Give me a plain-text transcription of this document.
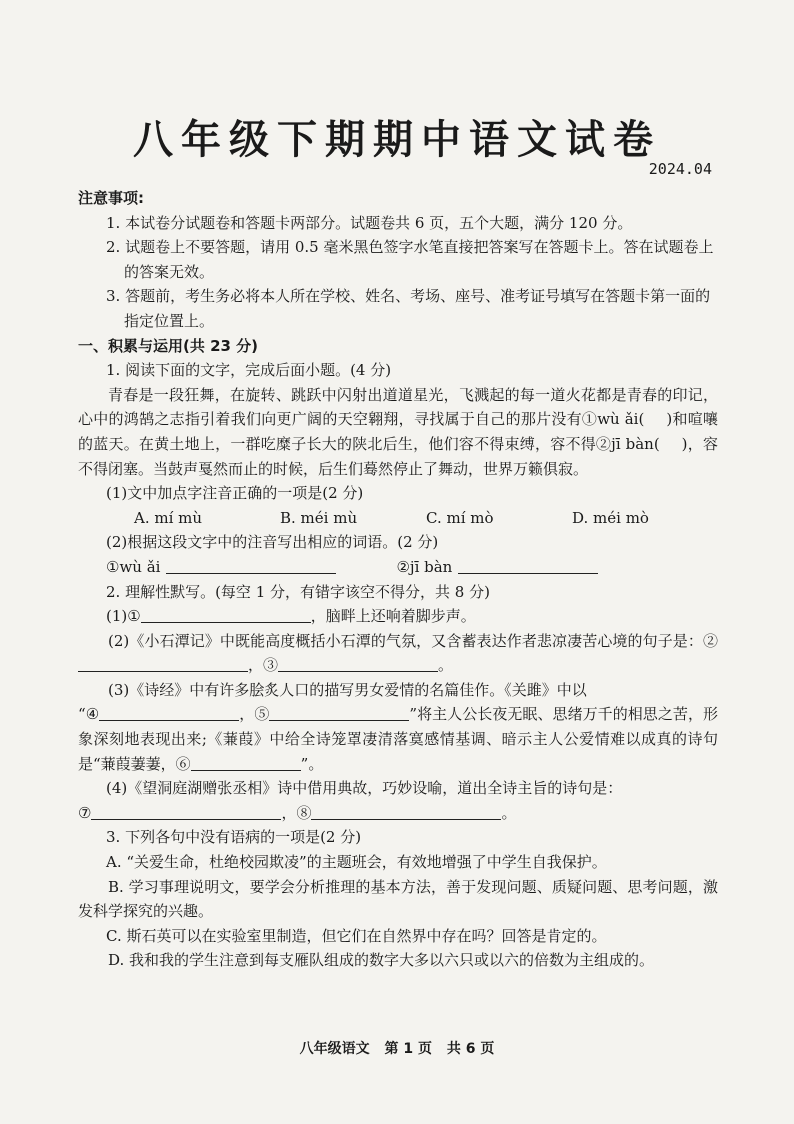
八年级下期期中语文试卷
2024.04

注意事项:

1. 本试卷分试题卷和答题卡两部分。试题卷共 6 页，五个大题，满分 120 分。

2. 试题卷上不要答题，请用 0.5 毫米黑色签字水笔直接把答案写在答题卡上。答在试题卷上的答案无效。

3. 答题前，考生务必将本人所在学校、姓名、考场、座号、准考证号填写在答题卡第一面的指定位置上。

一、积累与运用(共 23 分)

1. 阅读下面的文字，完成后面小题。(4 分)

青春是一段狂舞，在旋转、跳跃中闪射出道道星光，飞溅起的每一道火花都是青春的印记，心中的鸿鹄之志指引着我们向更广阔的天空翱翔，寻找属于自己的那片没有①wù ǎi( )和喧嚷的蓝天。在黄土地上，一群吃糜子长大的陕北后生，他们容不得束缚，容不得②jī bàn( )，容不得闭塞。当鼓声戛然而止的时候，后生们蓦然停止了舞动，世界万籁俱寂。

(1)文中加点字注音正确的一项是(2 分)

A. mí mù	B. méi mù	C. mí mò	D. méi mò

(2)根据这段文字中的注音写出相应的词语。(2 分)

①wù ǎi	②jī bàn

2. 理解性默写。(每空 1 分，有错字该空不得分，共 8 分)

(1)①	，脑畔上还响着脚步声。

(2)《小石潭记》中既能高度概括小石潭的气氛，又含蓄表达作者悲凉凄苦心境的句子是：②，③	。

(3)《诗经》中有许多脍炙人口的描写男女爱情的名篇佳作。《关雎》中以
“④	，⑤	”将主人公长夜无眠、思绪万千的相思之苦，形象深刻地表现出来;《蒹葭》中给全诗笼罩凄清落寞感情基调、暗示主人公爱情难以成真的诗句是“蒹葭萋萋，⑥	”。

(4)《望洞庭湖赠张丞相》诗中借用典故，巧妙设喻，道出全诗主旨的诗句是：

⑦	，⑧	。

3. 下列各句中没有语病的一项是(2 分)

A. “关爱生命，杜绝校园欺凌”的主题班会，有效地增强了中学生自我保护。

B. 学习事理说明文，要学会分析推理的基本方法，善于发现问题、质疑问题、思考问题，激发科学探究的兴趣。

C. 斯石英可以在实验室里制造，但它们在自然界中存在吗？回答是肯定的。

D. 我和我的学生注意到每支雁队组成的数字大多以六只或以六的倍数为主组成的。

八年级语文 第 1 页 共 6 页
